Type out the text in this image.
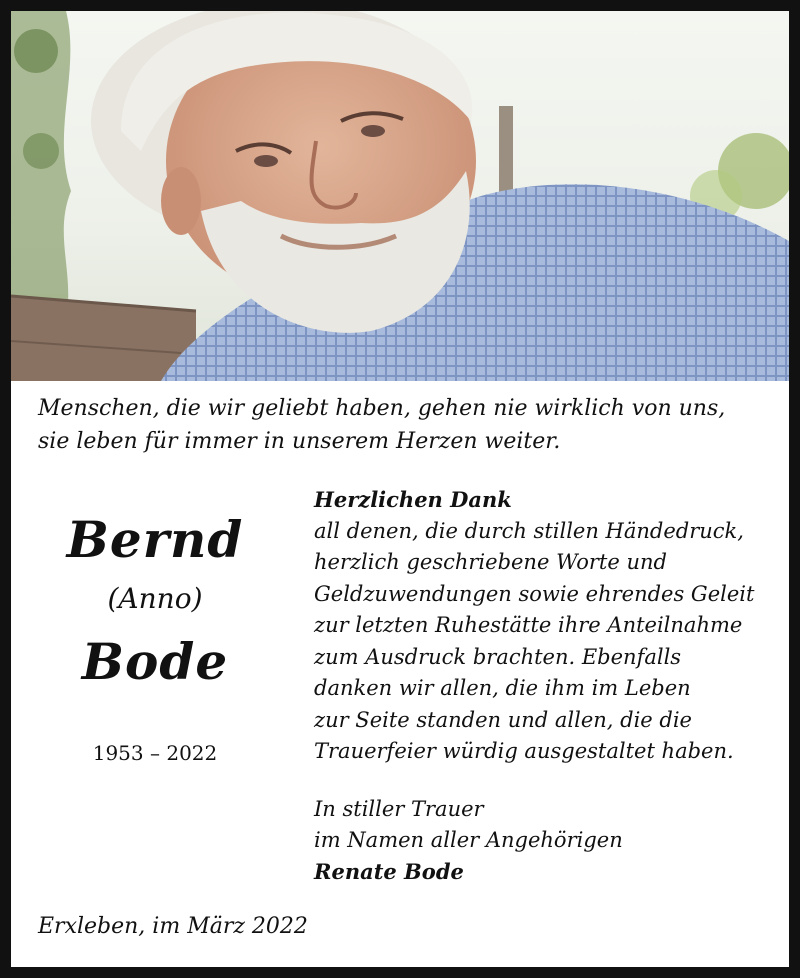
Menschen, die wir geliebt haben, gehen nie wirklich von uns,
sie leben für immer in unserem Herzen weiter.
Bernd
(Anno)
Bode
1953 – 2022
Herzlichen Dank
all denen, die durch stillen Händedruck,
herzlich geschriebene Worte und
Geldzuwendungen sowie ehrendes Geleit
zur letzten Ruhestätte ihre Anteilnahme
zum Ausdruck brachten. Ebenfalls
danken wir allen, die ihm im Leben
zur Seite standen und allen, die die
Trauerfeier würdig ausgestaltet haben.
In stiller Trauer
im Namen aller Angehörigen
Renate Bode
Erxleben, im März 2022
